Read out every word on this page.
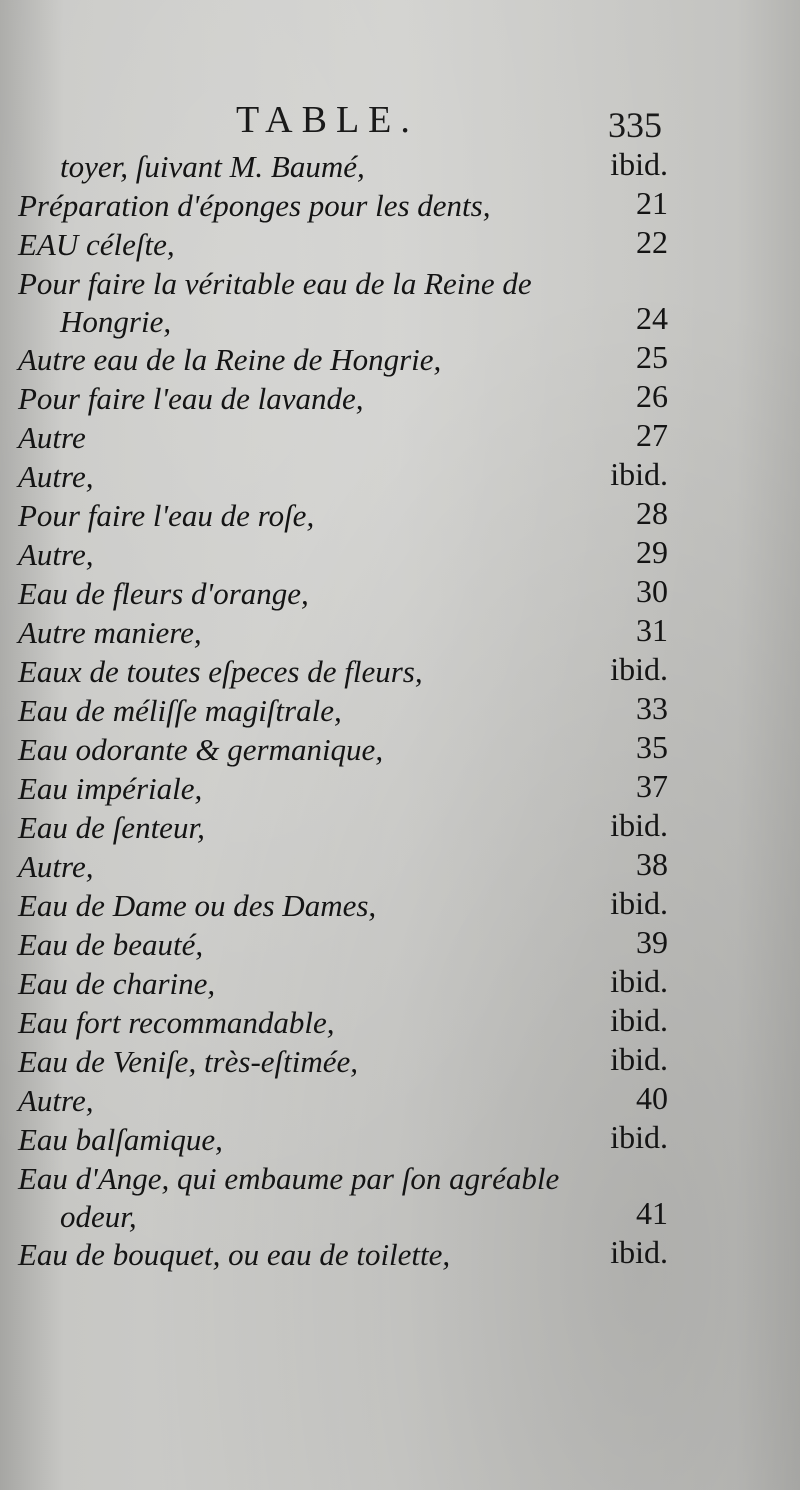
TABLE.	335
toyer, ſuivant M. Baumé,	ibid.
Préparation d'éponges pour les dents,	21
EAU céleſte,	22
Pour faire la véritable eau de la Reine de
Hongrie,	24
Autre eau de la Reine de Hongrie,	25
Pour faire l'eau de lavande,	26
Autre	27
Autre,	ibid.
Pour faire l'eau de roſe,	28
Autre,	29
Eau de fleurs d'orange,	30
Autre maniere,	31
Eaux de toutes eſpeces de fleurs,	ibid.
Eau de méliſſe magiſtrale,	33
Eau odorante & germanique,	35
Eau impériale,	37
Eau de ſenteur,	ibid.
Autre,	38
Eau de Dame ou des Dames,	ibid.
Eau de beauté,	39
Eau de charine,	ibid.
Eau fort recommandable,	ibid.
Eau de Veniſe, très-eſtimée,	ibid.
Autre,	40
Eau balſamique,	ibid.
Eau d'Ange, qui embaume par ſon agréable
odeur,	41
Eau de bouquet, ou eau de toilette,	ibid.
